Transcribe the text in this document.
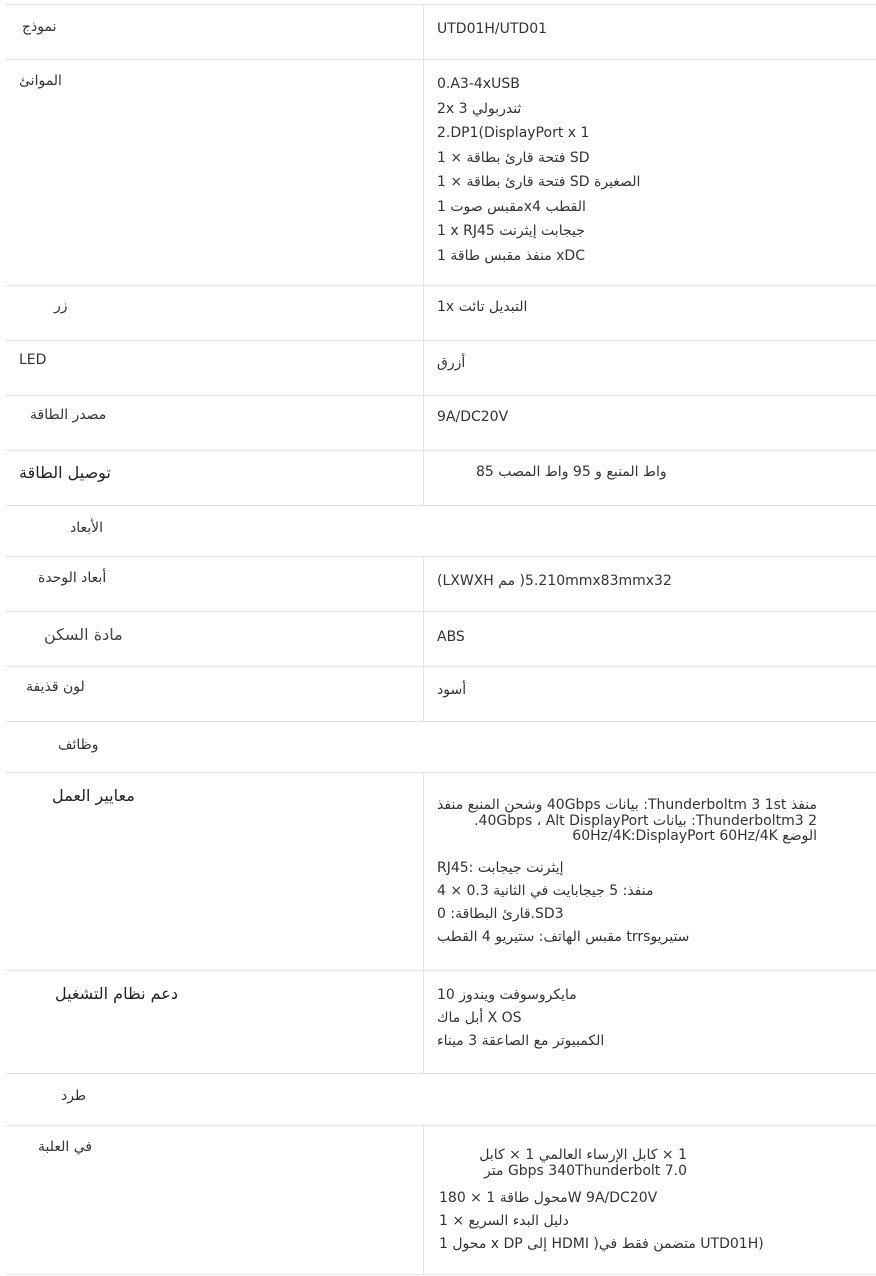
نموذج	UTD01H/UTD01
الموانئ	0.A3-4xUSB
2x ثندربولي 3
2.DP1(DisplayPort x 1
1 × فتحة قارئ بطاقة SD
1 × فتحة قارئ بطاقة SD الصغيرة
مقبس صوت 1x4 القطب
1 x RJ45 جيجابت إيثرنت
منفذ مقبس طاقة 1 xDC
زر	1x التبديل تائت
LED	أزرق
مصدر الطاقة	9A/DC20V
توصيل الطاقة	85 واط المنبع و 95 واط المصب
الأبعاد
أبعاد الوحدة	(LXWXH مم )5.210mmx83mmx32
مادة السكن	ABS
لون قذيفة	أسود
وظائف
معايير العمل	منفذ Thunderboltm 3 1st: بيانات 40Gbps وشحن المنبع منفذ Thunderboltm3 2: بيانات 40Gbps ، Alt DisplayPort. الوضع 60Hz/4K:DisplayPort 60Hz/4K
RJ45: إيثرنت جيجابت
4 × 0.3 منفذ: 5 جيجابايت في الثانية
قارئ البطاقة: 0.SD3
مقبس الهاتف: ستيريو 4 القطب trrsستيريو
دعم نظام التشغيل	مايكروسوفت ويندوز 10
أبل ماك X OS
الكمبيوتر مع الصاعقة 3 ميناء
طرد
في العلبة	1 × كابل الإرساء العالمي 1 × كابل Gbps 340Thunderbolt 7.0 متر
محول طاقة 1 × 180W 9A/DC20V
1 × دليل البدء السريع
محول 1 x DP إلى HDMI )متضمن فقط في UTD01H)
